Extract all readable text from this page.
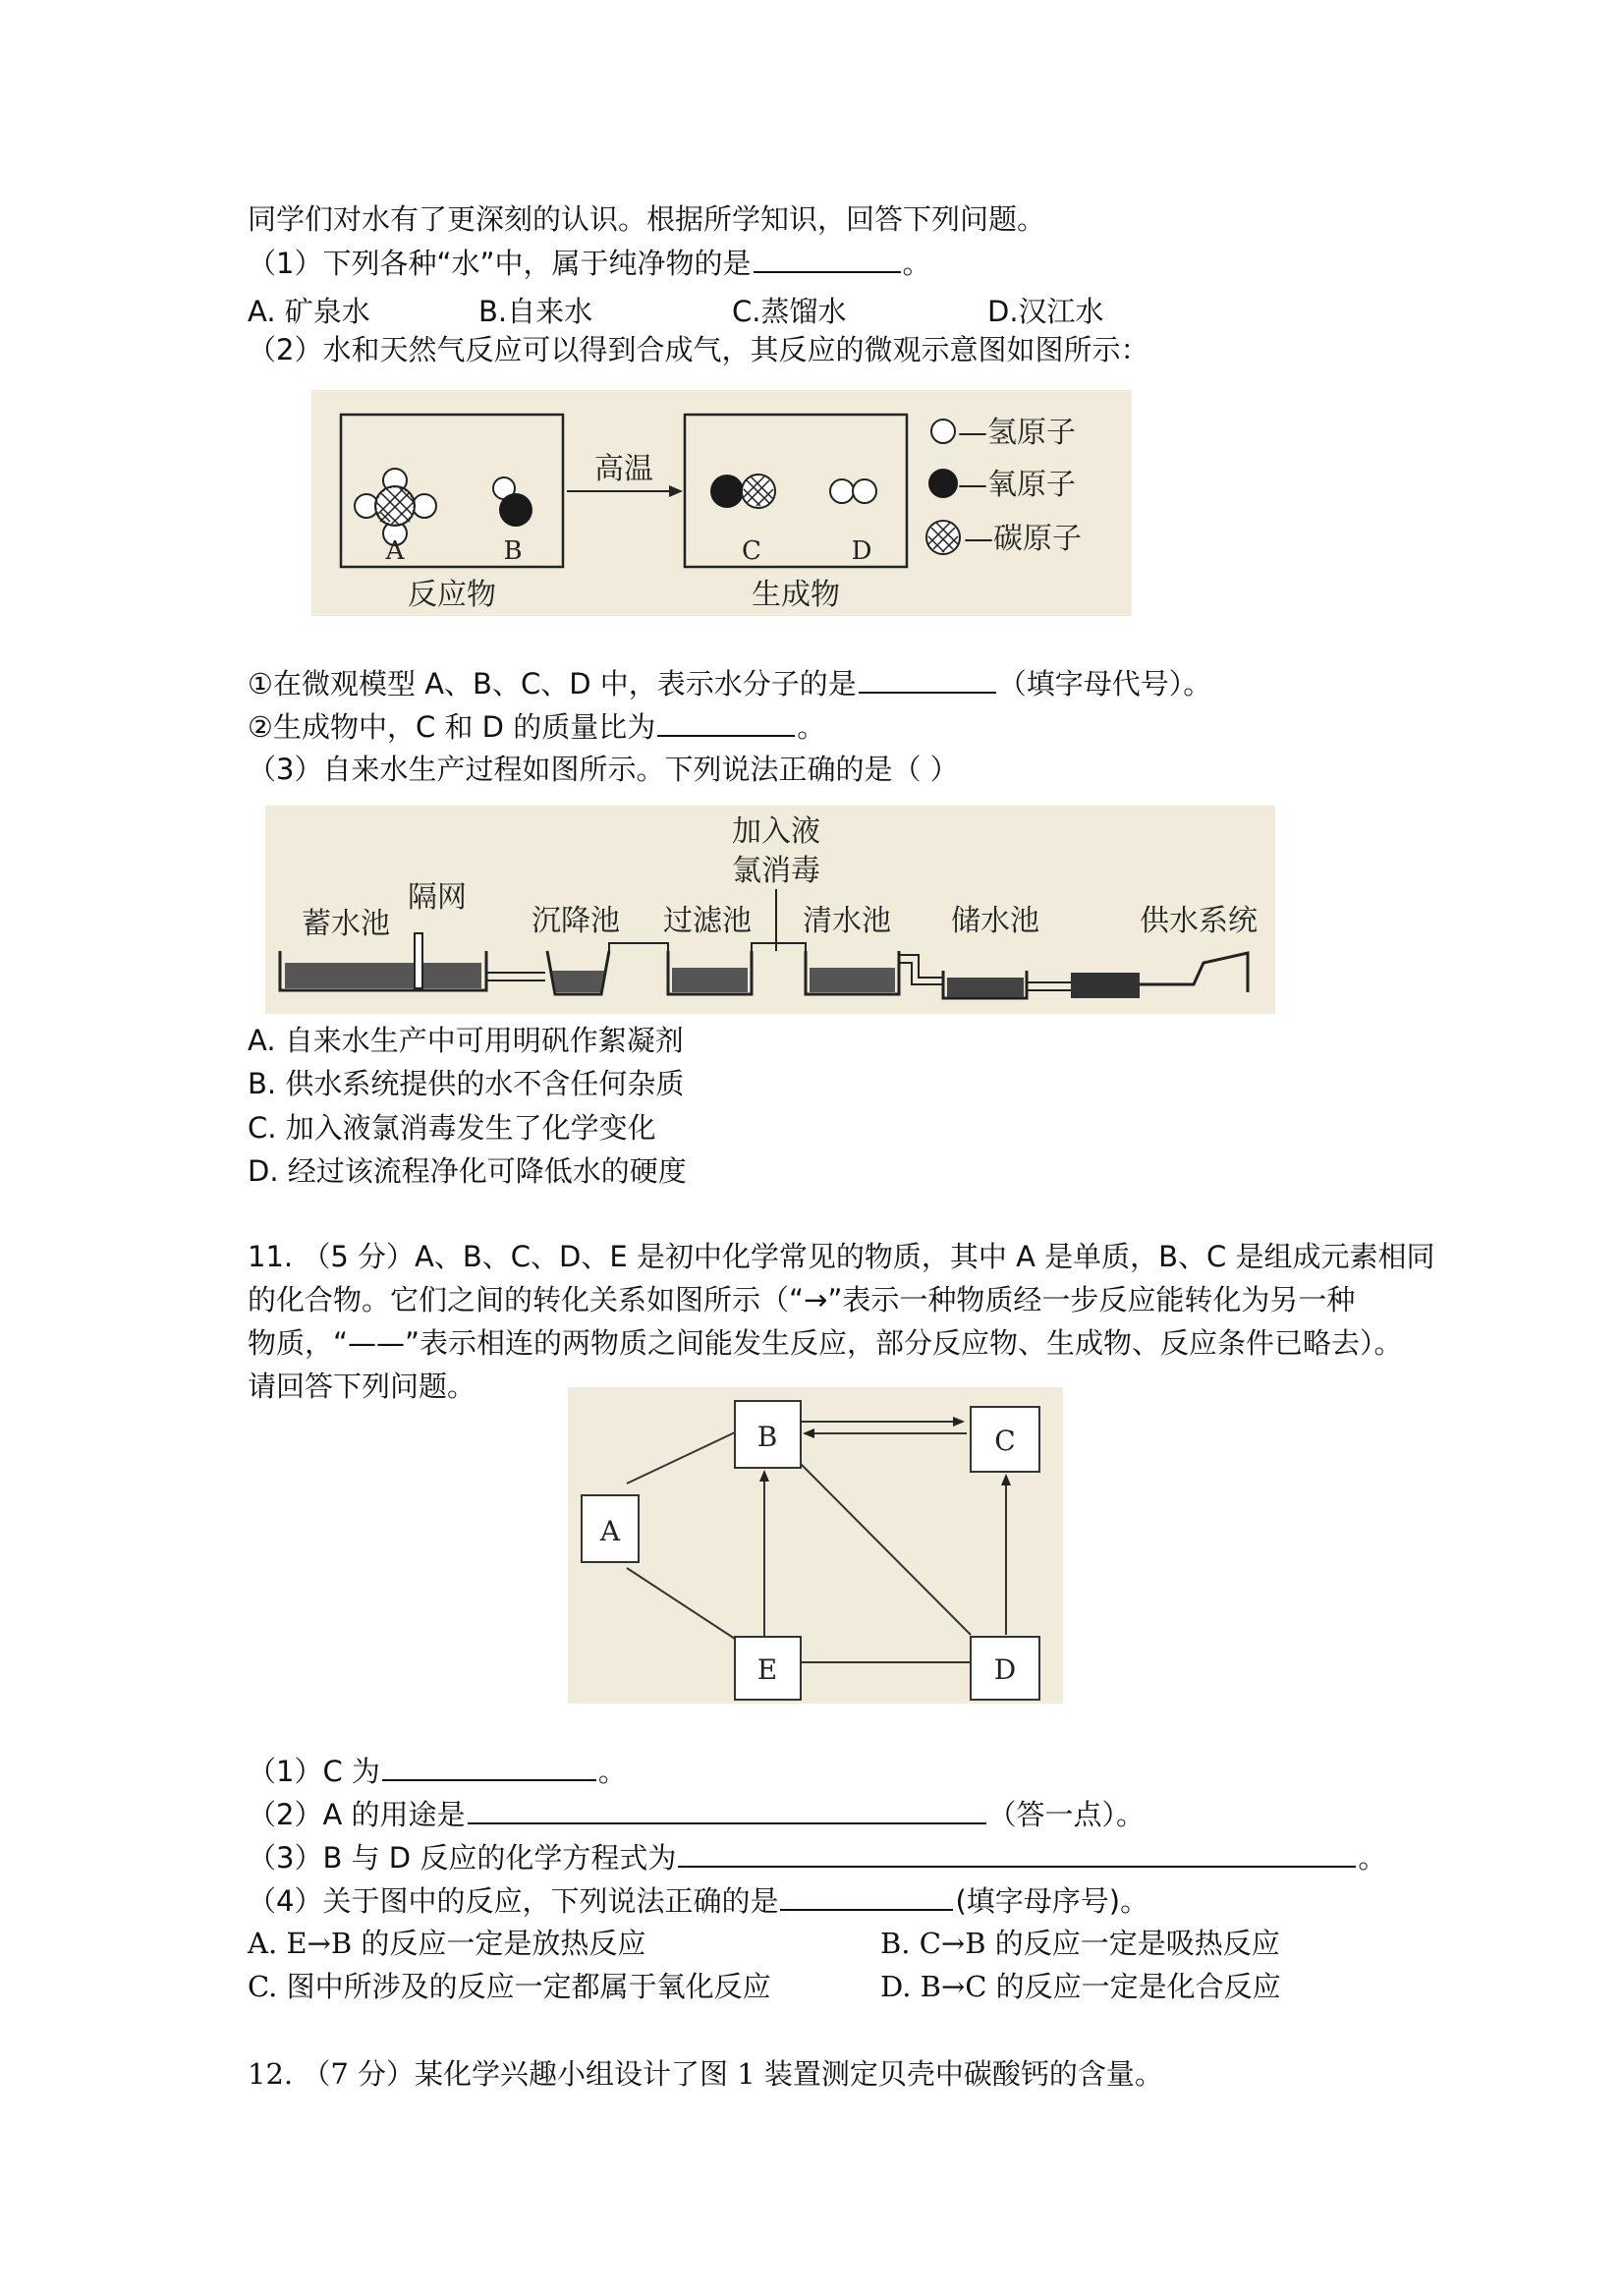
同学们对水有了更深刻的认识。根据所学知识，回答下列问题。
（1）下列各种“水”中，属于纯净物的是	。
A. 矿泉水	B.自来水	C.蒸馏水	D.汉江水
（2）水和天然气反应可以得到合成气，其反应的微观示意图如图所示：
A	B
高温
C	D
反应物	生成物
—氢原子
—氧原子
—碳原子
①在微观模型 A、B、C、D 中，表示水分子的是	（填字母代号）。
②生成物中，C 和 D 的质量比为	。
（3）自来水生产过程如图所示。下列说法正确的是（ ）
加入液
氯消毒
隔网
蓄水池	沉降池 过滤池 清水池 储水池	供水系统
A. 自来水生产中可用明矾作絮凝剂
B. 供水系统提供的水不含任何杂质
C. 加入液氯消毒发生了化学变化
D. 经过该流程净化可降低水的硬度
11. （5 分）A、B、C、D、E 是初中化学常见的物质，其中 A 是单质，B、C 是组成元素相同
的化合物。它们之间的转化关系如图所示（“→”表示一种物质经一步反应能转化为另一种
物质，“——”表示相连的两物质之间能发生反应，部分反应物、生成物、反应条件已略去）。
请回答下列问题。
A
B	C
D
E
（1）C 为	。
（2）A 的用途是	（答一点）。
（3）B 与 D 反应的化学方程式为	。
（4）关于图中的反应，下列说法正确的是	(填字母序号)。
A. E→B 的反应一定是放热反应	B. C→B 的反应一定是吸热反应
C. 图中所涉及的反应一定都属于氧化反应	D. B→C 的反应一定是化合反应
12. （7 分）某化学兴趣小组设计了图 1 装置测定贝壳中碳酸钙的含量。
